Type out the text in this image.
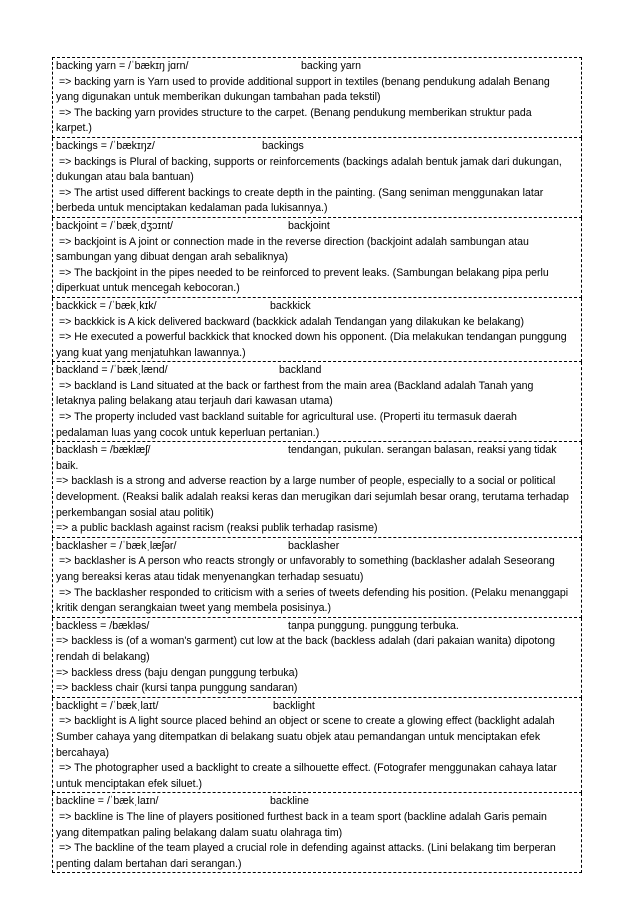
backing yarn = /ˈbækɪŋ jɑrn/	backing yarn
=> backing yarn is Yarn used to provide additional support in textiles (benang pendukung adalah Benang
yang digunakan untuk memberikan dukungan tambahan pada tekstil)
=> The backing yarn provides structure to the carpet. (Benang pendukung memberikan struktur pada
karpet.)
backings = /ˈbækɪŋz/	backings
=> backings is Plural of backing, supports or reinforcements (backings adalah bentuk jamak dari dukungan,
dukungan atau bala bantuan)
=> The artist used different backings to create depth in the painting. (Sang seniman menggunakan latar
berbeda untuk menciptakan kedalaman pada lukisannya.)
backjoint = /ˈbækˌdʒɔɪnt/	backjoint
=> backjoint is A joint or connection made in the reverse direction (backjoint adalah sambungan atau
sambungan yang dibuat dengan arah sebaliknya)
=> The backjoint in the pipes needed to be reinforced to prevent leaks. (Sambungan belakang pipa perlu
diperkuat untuk mencegah kebocoran.)
backkick = /ˈbækˌkɪk/	backkick
=> backkick is A kick delivered backward (backkick adalah Tendangan yang dilakukan ke belakang)
=> He executed a powerful backkick that knocked down his opponent. (Dia melakukan tendangan punggung
yang kuat yang menjatuhkan lawannya.)
backland = /ˈbækˌlænd/	backland
=> backland is Land situated at the back or farthest from the main area (Backland adalah Tanah yang
letaknya paling belakang atau terjauh dari kawasan utama)
=> The property included vast backland suitable for agricultural use. (Properti itu termasuk daerah
pedalaman luas yang cocok untuk keperluan pertanian.)
backlash = /bæklæʃ/	tendangan, pukulan. serangan balasan, reaksi yang tidak
baik.
=> backlash is a strong and adverse reaction by a large number of people, especially to a social or political
development. (Reaksi balik adalah reaksi keras dan merugikan dari sejumlah besar orang, terutama terhadap
perkembangan sosial atau politik)
=> a public backlash against racism (reaksi publik terhadap rasisme)
backlasher = /ˈbækˌlæʃər/	backlasher
=> backlasher is A person who reacts strongly or unfavorably to something (backlasher adalah Seseorang
yang bereaksi keras atau tidak menyenangkan terhadap sesuatu)
=> The backlasher responded to criticism with a series of tweets defending his position. (Pelaku menanggapi
kritik dengan serangkaian tweet yang membela posisinya.)
backless = /bækləs/	tanpa punggung. punggung terbuka.
=> backless is (of a woman's garment) cut low at the back (backless adalah (dari pakaian wanita) dipotong
rendah di belakang)
=> backless dress (baju dengan punggung terbuka)
=> backless chair (kursi tanpa punggung sandaran)
backlight = /ˈbækˌlaɪt/	backlight
=> backlight is A light source placed behind an object or scene to create a glowing effect (backlight adalah
Sumber cahaya yang ditempatkan di belakang suatu objek atau pemandangan untuk menciptakan efek
bercahaya)
=> The photographer used a backlight to create a silhouette effect. (Fotografer menggunakan cahaya latar
untuk menciptakan efek siluet.)
backline = /ˈbækˌlaɪn/	backline
=> backline is The line of players positioned furthest back in a team sport (backline adalah Garis pemain
yang ditempatkan paling belakang dalam suatu olahraga tim)
=> The backline of the team played a crucial role in defending against attacks. (Lini belakang tim berperan
penting dalam bertahan dari serangan.)
